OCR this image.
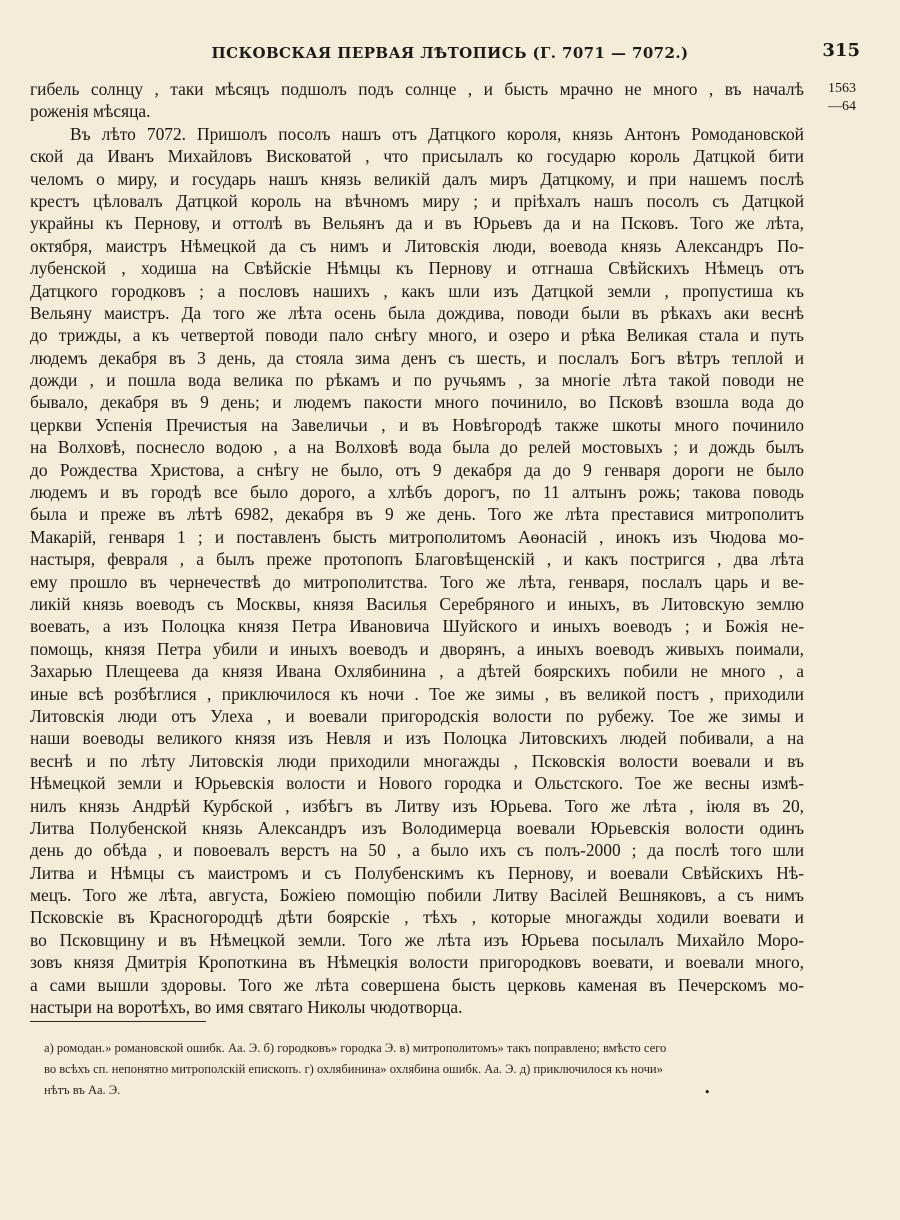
ПСКОВСКАЯ ПЕРВАЯ ЛѢТОПИСЬ (Г. 7071 — 7072.)	315
1563
—64
гибель солнцу , таки мѣсяцъ подшолъ подъ солнце , и бысть мрачно не много , въ началѣ
роженія мѣсяца.
Въ лѣто 7072. Пришолъ посолъ нашъ отъ Датцкого короля, князь Антонъ Ромодановской
ской да Иванъ Михайловъ Висковатой , что присылалъ ко государю король Датцкой бити
челомъ о миру, и государь нашъ князь великій далъ миръ Датцкому, и при нашемъ послѣ
крестъ цѣловалъ Датцкой король на вѣчномъ миру ; и пріѣхалъ нашъ посолъ съ Датцкой
украйны къ Пернову, и оттолѣ въ Вельянъ да и въ Юрьевъ да и на Псковъ. Того же лѣта,
октября, маистръ Нѣмецкой да съ нимъ и Литовскія люди, воевода князь Александръ По-
лубенской , ходиша на Свѣйскіе Нѣмцы къ Пернову и отгнаша Свѣйскихъ Нѣмецъ отъ
Датцкого городковъ ; а пословъ нашихъ , какъ шли изъ Датцкой земли , пропустиша къ
Вельяну маистръ. Да того же лѣта осень была дождива, поводи были въ рѣкахъ аки веснѣ
до трижды, а къ четвертой поводи пало снѣгу много, и озеро и рѣка Великая стала и путь
людемъ декабря въ 3 день, да стояла зима денъ съ шесть, и послалъ Богъ вѣтръ теплой и
дожди , и пошла вода велика по рѣкамъ и по ручьямъ , за многіе лѣта такой поводи не
бывало, декабря въ 9 день; и людемъ пакости много починило, во Псковѣ взошла вода до
церкви Успенія Пречистыя на Завеличьи , и въ Новѣгородѣ также шкоты много починило
на Волховѣ, поснесло водою , а на Волховѣ вода была до релей мостовыхъ ; и дождь былъ
до Рождества Христова, а снѣгу не было, отъ 9 декабря да до 9 генваря дороги не было
людемъ и въ городѣ все было дорого, а хлѣбъ дорогъ, по 11 алтынъ рожь; такова поводь
была и преже въ лѣтѣ 6982, декабря въ 9 же день. Того же лѣта преставися митрополитъ
Макарій, генваря 1 ; и поставленъ бысть митрополитомъ Аѳонасій , инокъ изъ Чюдова мо-
настыря, февраля , а былъ преже протопопъ Благовѣщенскій , и какъ постригся , два лѣта
ему прошло въ чернечествѣ до митрополитства. Того же лѣта, генваря, послалъ царь и ве-
ликій князь воеводъ съ Москвы, князя Василья Серебряного и иныхъ, въ Литовскую землю
воевать, а изъ Полоцка князя Петра Ивановича Шуйского и иныхъ воеводъ ; и Божія не-
помощь, князя Петра убили и иныхъ воеводъ и дворянъ, а иныхъ воеводъ живыхъ поимали,
Захарью Плещеева да князя Ивана Охлябинина , а дѣтей боярскихъ побили не много , а
иные всѣ розбѣглися , приключилося къ ночи . Тое же зимы , въ великой постъ , приходили
Литовскія люди отъ Улеха , и воевали пригородскія волости по рубежу. Тое же зимы и
наши воеводы великого князя изъ Невля и изъ Полоцка Литовскихъ людей побивали, а на
веснѣ и по лѣту Литовскія люди приходили многажды , Псковскія волости воевали и въ
Нѣмецкой земли и Юрьевскія волости и Нового городка и Ольстского. Тое же весны измѣ-
нилъ князь Андрѣй Курбской , избѣгъ въ Литву изъ Юрьева. Того же лѣта , іюля въ 20,
Литва Полубенской князь Александръ изъ Володимерца воевали Юрьевскія волости одинъ
день до обѣда , и повоевалъ верстъ на 50 , а было ихъ съ полъ-2000 ; да послѣ того шли
Литва и Нѣмцы съ маистромъ и съ Полубенскимъ къ Пернову, и воевали Свѣйскихъ Нѣ-
мецъ. Того же лѣта, августа, Божіею помощію побили Литву Васілей Вешняковъ, а съ нимъ
Псковскіе въ Красногородцѣ дѣти боярскіе , тѣхъ , которые многажды ходили воевати и
во Псковщину и въ Нѣмецкой земли. Того же лѣта изъ Юрьева посылалъ Михайло Моро-
зовъ князя Дмитрія Кропоткина въ Нѣмецкія волости пригородковъ воевати, и воевали много,
а сами вышли здоровы. Того же лѣта совершена бысть церковь каменая въ Печерскомъ мо-
настыри на воротѣхъ, во имя святаго Николы чюдотворца.
а) ромодан.» романовской ошибк. Аа. Э. б) городковъ» городка Э. в) митрополитомъ» такъ поправлено; вмѣсто сего
во всѣхъ сп. непонятно митрополскій епископъ. г) охлябинина» охлябина ошибк. Аа. Э. д) приключилося къ ночи»
нѣтъ въ Аа. Э.	•
